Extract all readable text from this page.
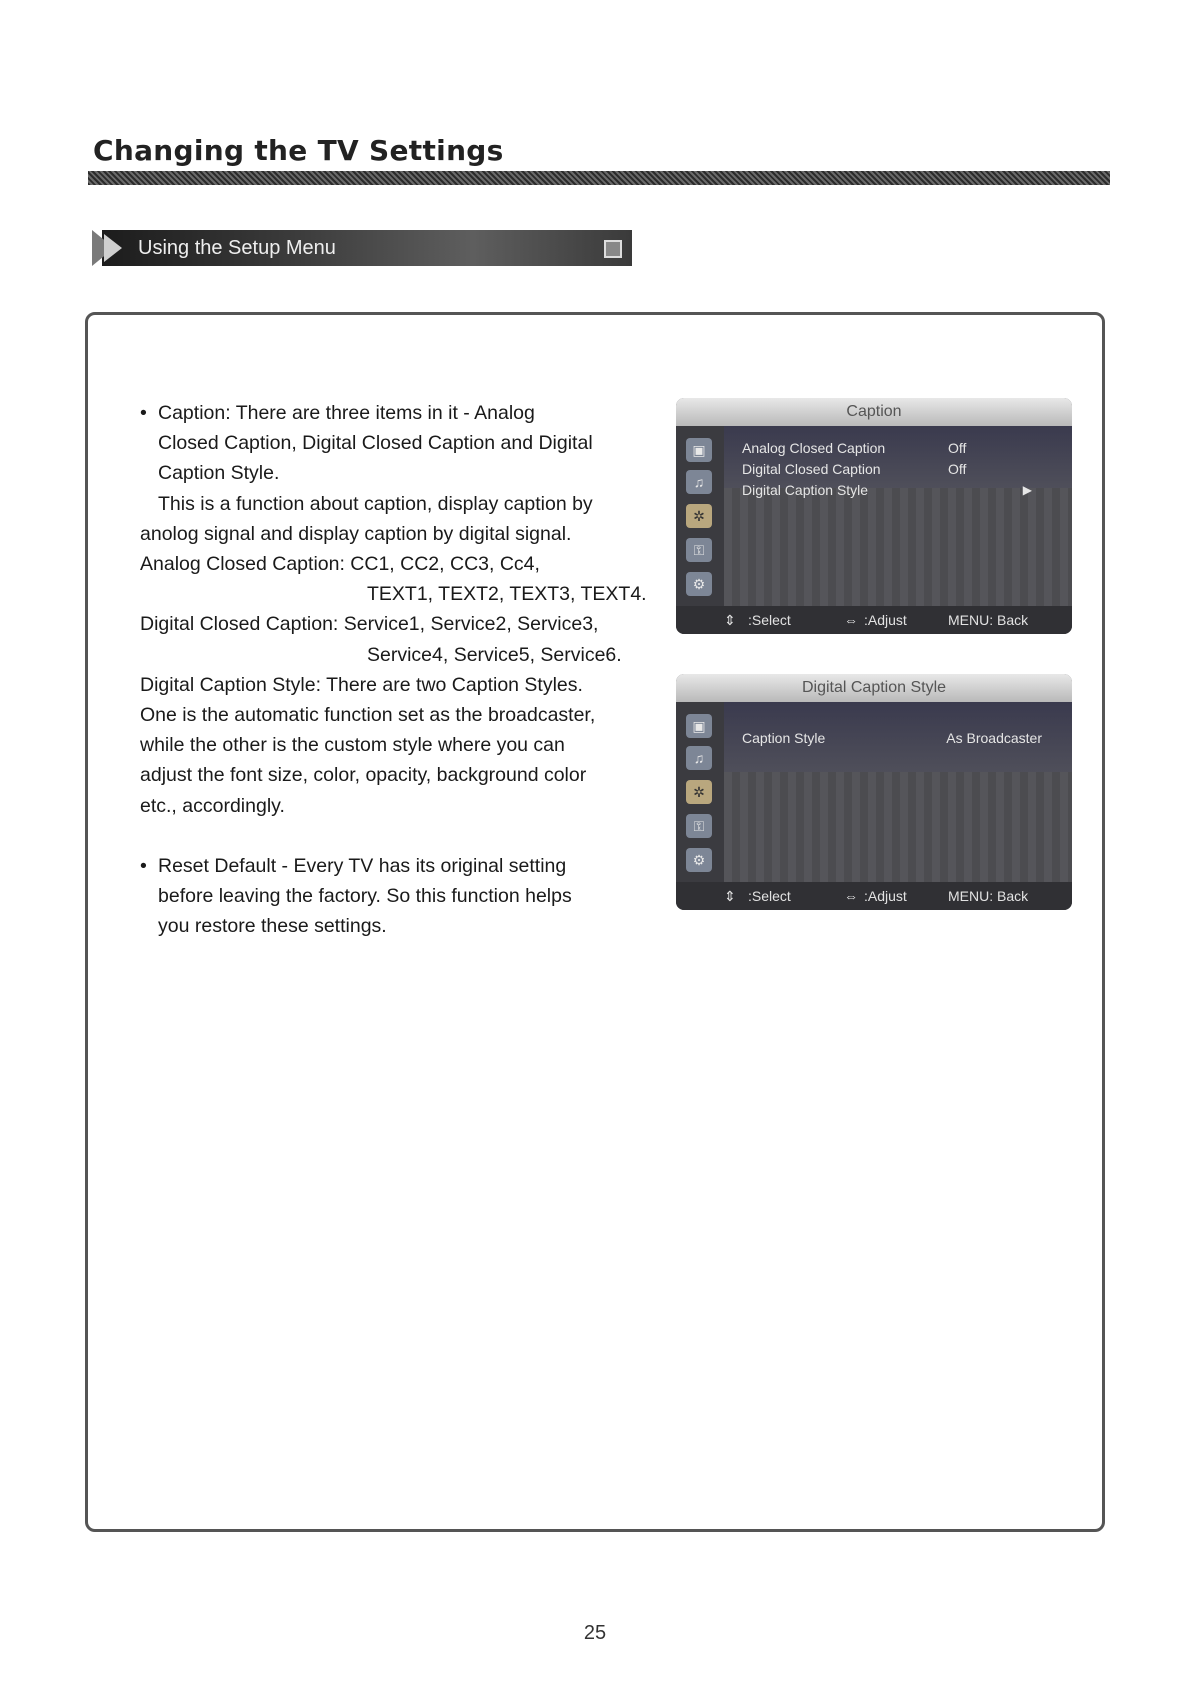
Changing the TV Settings
Using the Setup Menu

• Caption: There are three items in it - Analog
Closed Caption, Digital Closed Caption and Digital
Caption Style.

This is a function about caption, display caption by
anolog signal and display caption by digital signal.

Analog Closed Caption: CC1, CC2, CC3, Cc4,
TEXT1, TEXT2, TEXT3, TEXT4.

Digital Closed Caption: Service1, Service2, Service3,
Service4, Service5, Service6.

Digital Caption Style: There are two Caption Styles.
One is the automatic function set as the broadcaster,
while the other is the custom style where you can
adjust the font size, color, opacity, background color
etc., accordingly.

• Reset Default - Every TV has its original setting
before leaving the factory. So this function helps
you restore these settings.

Caption
▣
♫
✲
⚿
⚙
Analog Closed Caption	Off
Digital Closed Caption	Off
Digital Caption Style	▶
⇕ : Select	⇔ : Adjust	MENU: Back
Digital Caption Style
▣
♫
✲
⚿
⚙
Caption Style	As Broadcaster
⇕ : Select	⇔ : Adjust	MENU: Back
25
